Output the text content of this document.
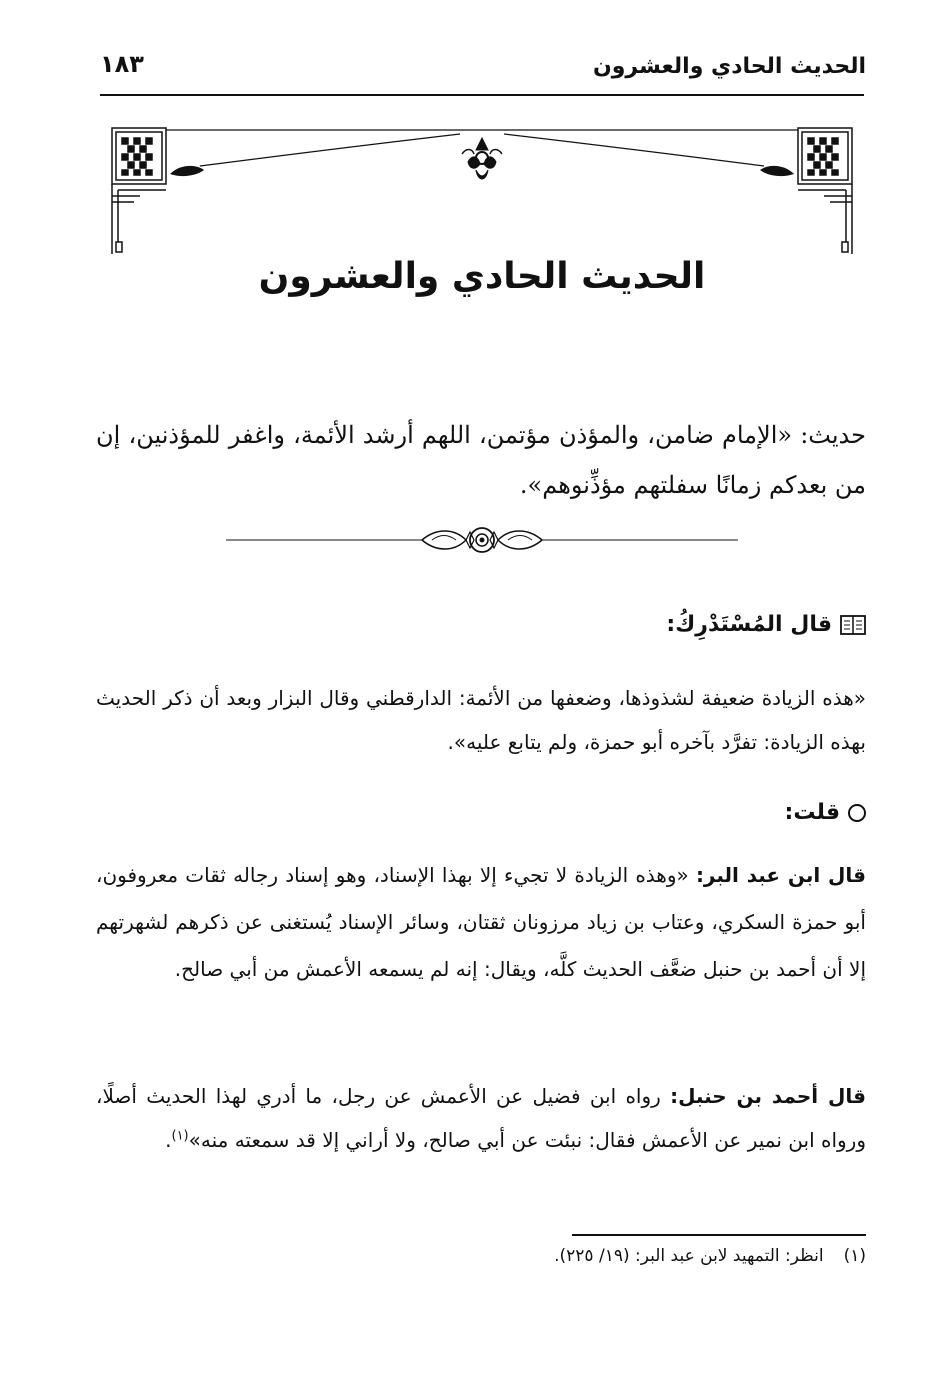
الحديث الحادي والعشرون
١٨٣
الحديث الحادي والعشرون
حديث: «الإمام ضامن، والمؤذن مؤتمن، اللهم أرشد الأئمة، واغفر للمؤذنين، إن من بعدكم زمانًا سفلتهم مؤذِّنوهم».
قال المُسْتَدْرِكُ:
«هذه الزيادة ضعيفة لشذوذها، وضعفها من الأئمة: الدارقطني وقال البزار وبعد أن ذكر الحديث بهذه الزيادة: تفرَّد بآخره أبو حمزة، ولم يتابع عليه».
قلت:
قال ابن عبد البر: «وهذه الزيادة لا تجيء إلا بهذا الإسناد، وهو إسناد رجاله ثقات معروفون، أبو حمزة السكري، وعتاب بن زياد مرزونان ثقتان، وسائر الإسناد يُستغنى عن ذكرهم لشهرتهم إلا أن أحمد بن حنبل ضعَّف الحديث كلَّه، ويقال: إنه لم يسمعه الأعمش من أبي صالح.
قال أحمد بن حنبل: رواه ابن فضيل عن الأعمش عن رجل، ما أدري لهذا الحديث أصلًا، ورواه ابن نمير عن الأعمش فقال: نبئت عن أبي صالح، ولا أراني إلا قد سمعته منه»$^{(١)}$.
(١)انظر: التمهيد لابن عبد البر: (١٩/ ٢٢٥).
